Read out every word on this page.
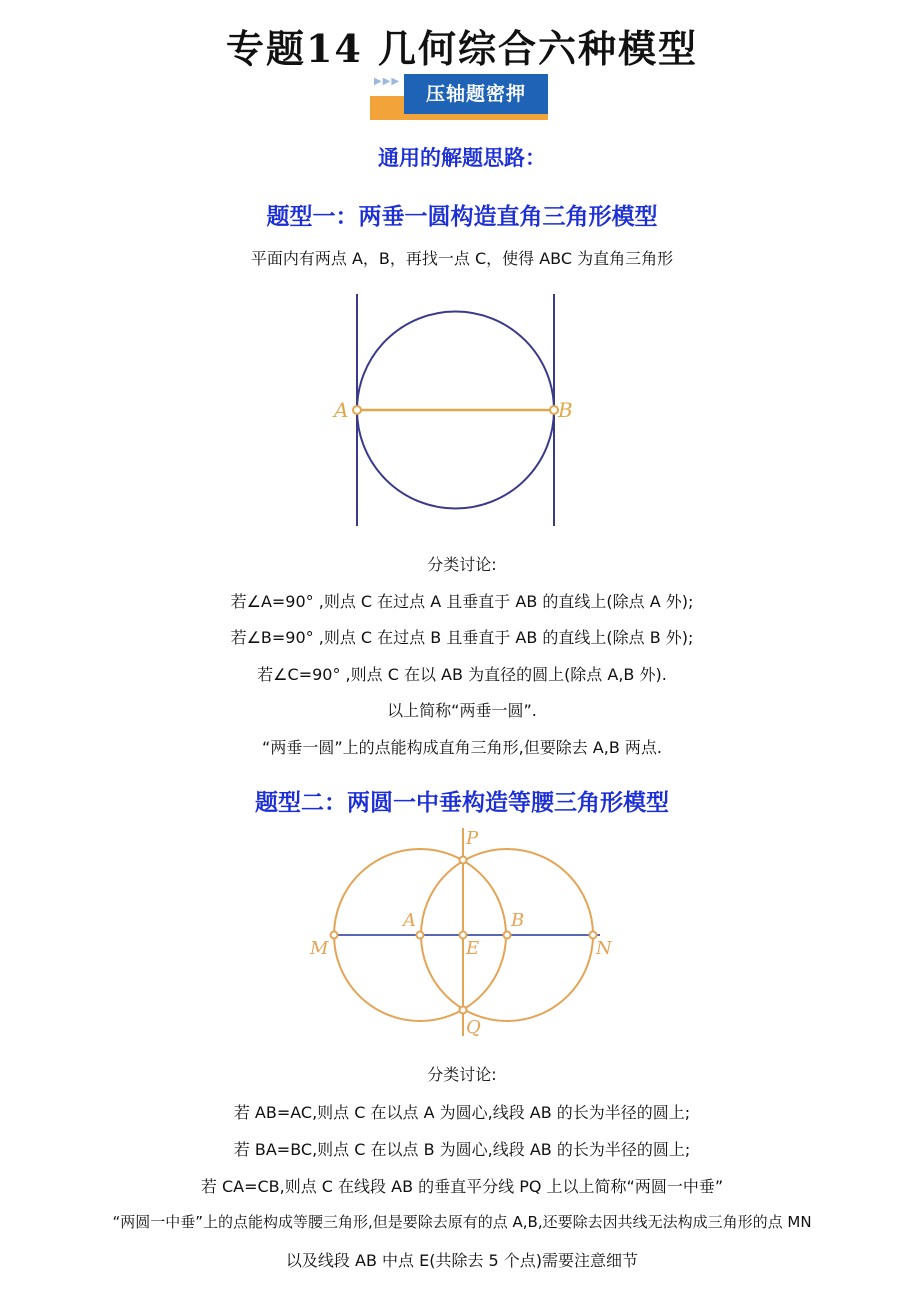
专题14 几何综合六种模型
▶▶▶
压轴题密押
通用的解题思路：
题型一：两垂一圆构造直角三角形模型
平面内有两点 A，B，再找一点 C，使得 ABC 为直角三角形
A	B
分类讨论:
若∠A=90° ,则点 C 在过点 A 且垂直于 AB 的直线上(除点 A 外);
若∠B=90° ,则点 C 在过点 B 且垂直于 AB 的直线上(除点 B 外);
若∠C=90° ,则点 C 在以 AB 为直径的圆上(除点 A,B 外).
以上简称“两垂一圆”.
“两垂一圆”上的点能构成直角三角形,但要除去 A,B 两点.
题型二：两圆一中垂构造等腰三角形模型
P
Q
A	B
E
M	N
分类讨论:
若 AB=AC,则点 C 在以点 A 为圆心,线段 AB 的长为半径的圆上;
若 BA=BC,则点 C 在以点 B 为圆心,线段 AB 的长为半径的圆上;
若 CA=CB,则点 C 在线段 AB 的垂直平分线 PQ 上以上简称“两圆一中垂”
“两圆一中垂”上的点能构成等腰三角形,但是要除去原有的点 A,B,还要除去因共线无法构成三角形的点 MN
以及线段 AB 中点 E(共除去 5 个点)需要注意细节
